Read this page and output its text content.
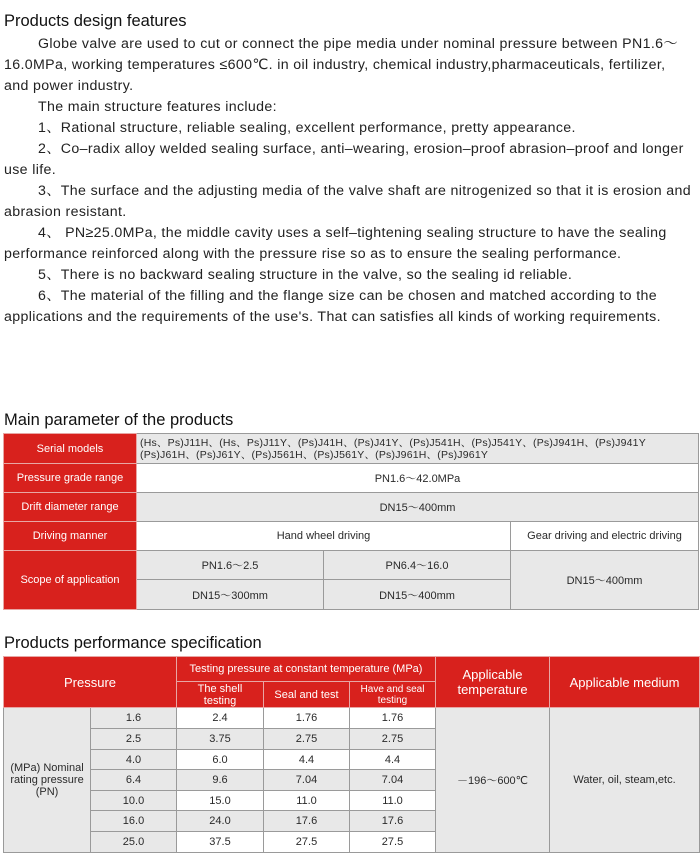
Products design features

Globe valve are used to cut or connect the pipe media under nominal pressure between PN1.6～16.0MPa, working temperatures ≤600℃. in oil industry, chemical industry,pharmaceuticals, fertilizer, and power industry.

The main structure features include:

1、Rational structure, reliable sealing, excellent performance, pretty appearance.

2、Co–radix alloy welded sealing surface, anti–wearing, erosion–proof abrasion–proof and longer use life.

3、The surface and the adjusting media of the valve shaft are nitrogenized so that it is erosion and abrasion resistant.

4、 PN≥25.0MPa, the middle cavity uses a self–tightening sealing structure to have the sealing performance reinforced along with the pressure rise so as to ensure the sealing performance.

5、There is no backward sealing structure in the valve, so the sealing id reliable.

6、The material of the filling and the flange size can be chosen and matched according to the applications and the requirements of the use's. That can satisfies all kinds of working requirements.

Main parameter of the products
Serial models	(Hs、Ps)J11H、(Hs、Ps)J11Y、(Ps)J41H、(Ps)J41Y、(Ps)J541H、(Ps)J541Y、(Ps)J941H、(Ps)J941Y (Ps)J61H、(Ps)J61Y、(Ps)J561H、(Ps)J561Y、(Ps)J961H、(Ps)J961Y		
Pressure grade range	PN1.6～42.0MPa		
Drift diameter range	DN15～400mm		
Driving manner	Hand wheel driving		Gear driving and electric driving
Scope of application	PN1.6～2.5	PN6.4～16.0	DN15～400mm
	DN15～300mm	DN15～400mm	
Products performance specification
Pressure		Testing pressure at constant temperature (MPa)			Applicable temperature	Applicable medium
		The shell testing	Seal and test	Have and seal testing		
(MPa) Nominal rating pressure (PN)	1.6	2.4	1.76	1.76	－196～600℃	Water, oil, steam,etc.
	2.5	3.75	2.75	2.75		
	4.0	6.0	4.4	4.4		
	6.4	9.6	7.04	7.04		
	10.0	15.0	11.0	11.0		
	16.0	24.0	17.6	17.6		
	25.0	37.5	27.5	27.5		
